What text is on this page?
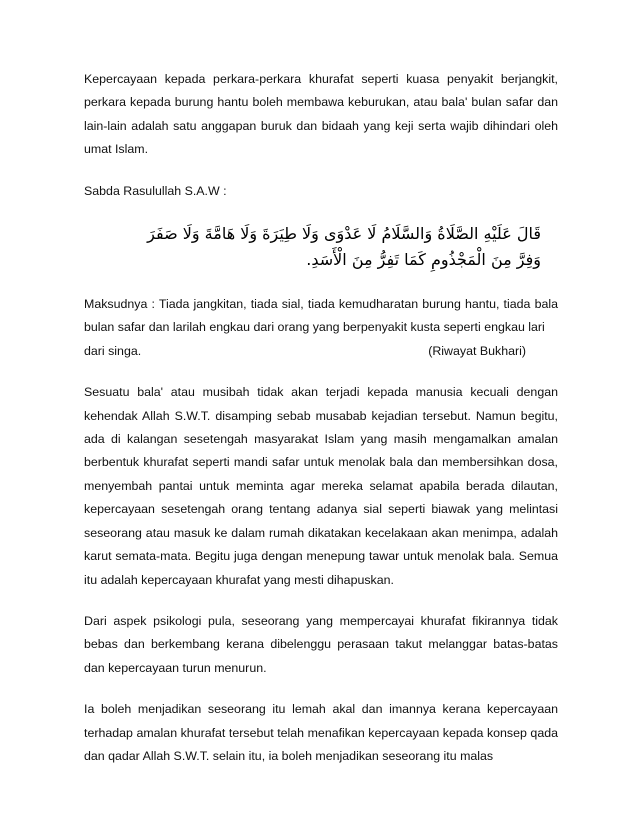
Kepercayaan kepada perkara-perkara khurafat seperti kuasa penyakit berjangkit, perkara kepada burung hantu boleh membawa keburukan, atau bala' bulan safar dan lain-lain adalah satu anggapan buruk dan bidaah yang keji serta wajib dihindari oleh umat Islam.

Sabda Rasulullah S.A.W :

قَالَ عَلَيْهِ الصَّلَاةُ وَالسَّلَامُ لَا عَدْوَى وَلَا طِيَرَةَ وَلَا هَامَّةَ وَلَا صَفَرَ
وَفِرَّ مِنَ الْمَجْذُومِ كَمَا تَفِرُّ مِنَ الْأَسَدِ.

Maksudnya : Tiada jangkitan, tiada sial, tiada kemudharatan burung hantu, tiada bala bulan safar dan larilah engkau dari orang yang berpenyakit kusta seperti engkau lari
dari singa.	(Riwayat Bukhari)

Sesuatu bala' atau musibah tidak akan terjadi kepada manusia kecuali dengan kehendak Allah S.W.T. disamping sebab musabab kejadian tersebut. Namun begitu, ada di kalangan sesetengah masyarakat Islam yang masih mengamalkan amalan berbentuk khurafat seperti mandi safar untuk menolak bala dan membersihkan dosa, menyembah pantai untuk meminta agar mereka selamat apabila berada dilautan, kepercayaan sesetengah orang tentang adanya sial seperti biawak yang melintasi seseorang atau masuk ke dalam rumah dikatakan kecelakaan akan menimpa, adalah karut semata-mata. Begitu juga dengan menepung tawar untuk menolak bala. Semua itu adalah kepercayaan khurafat yang mesti dihapuskan.

Dari aspek psikologi pula, seseorang yang mempercayai khurafat fikirannya tidak bebas dan berkembang kerana dibelenggu perasaan takut melanggar batas-batas dan kepercayaan turun menurun.

Ia boleh menjadikan seseorang itu lemah akal dan imannya kerana kepercayaan terhadap amalan khurafat tersebut telah menafikan kepercayaan kepada konsep qada dan qadar Allah S.W.T. selain itu, ia boleh menjadikan seseorang itu malas
